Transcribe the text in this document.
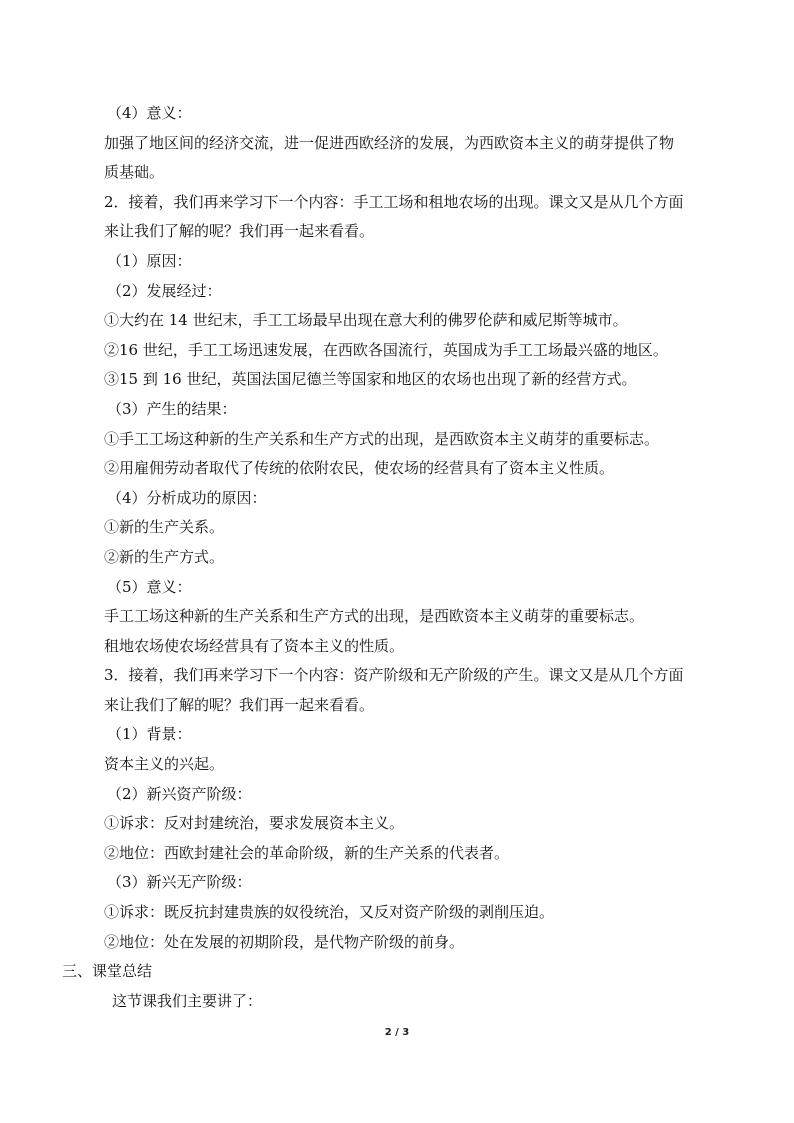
（4）意义：
加强了地区间的经济交流，进一促进西欧经济的发展，为西欧资本主义的萌芽提供了物
质基础。
2．接着，我们再来学习下一个内容：手工工场和租地农场的出现。课文又是从几个方面
来让我们了解的呢？我们再一起来看看。
（1）原因：
（2）发展经过：
①大约在 14 世纪末，手工工场最早出现在意大利的佛罗伦萨和威尼斯等城市。
②16 世纪，手工工场迅速发展，在西欧各国流行，英国成为手工工场最兴盛的地区。
③15 到 16 世纪，英国法国尼德兰等国家和地区的农场也出现了新的经营方式。
（3）产生的结果：
①手工工场这种新的生产关系和生产方式的出现，是西欧资本主义萌芽的重要标志。
②用雇佣劳动者取代了传统的依附农民，使农场的经营具有了资本主义性质。
（4）分析成功的原因：
①新的生产关系。
②新的生产方式。
（5）意义：
手工工场这种新的生产关系和生产方式的出现，是西欧资本主义萌芽的重要标志。
租地农场使农场经营具有了资本主义的性质。
3．接着，我们再来学习下一个内容：资产阶级和无产阶级的产生。课文又是从几个方面
来让我们了解的呢？我们再一起来看看。
（1）背景：
资本主义的兴起。
（2）新兴资产阶级：
①诉求：反对封建统治，要求发展资本主义。
②地位：西欧封建社会的革命阶级，新的生产关系的代表者。
（3）新兴无产阶级：
①诉求：既反抗封建贵族的奴役统治，又反对资产阶级的剥削压迫。
②地位：处在发展的初期阶段，是代物产阶级的前身。
三、课堂总结
这节课我们主要讲了：
2 / 3
